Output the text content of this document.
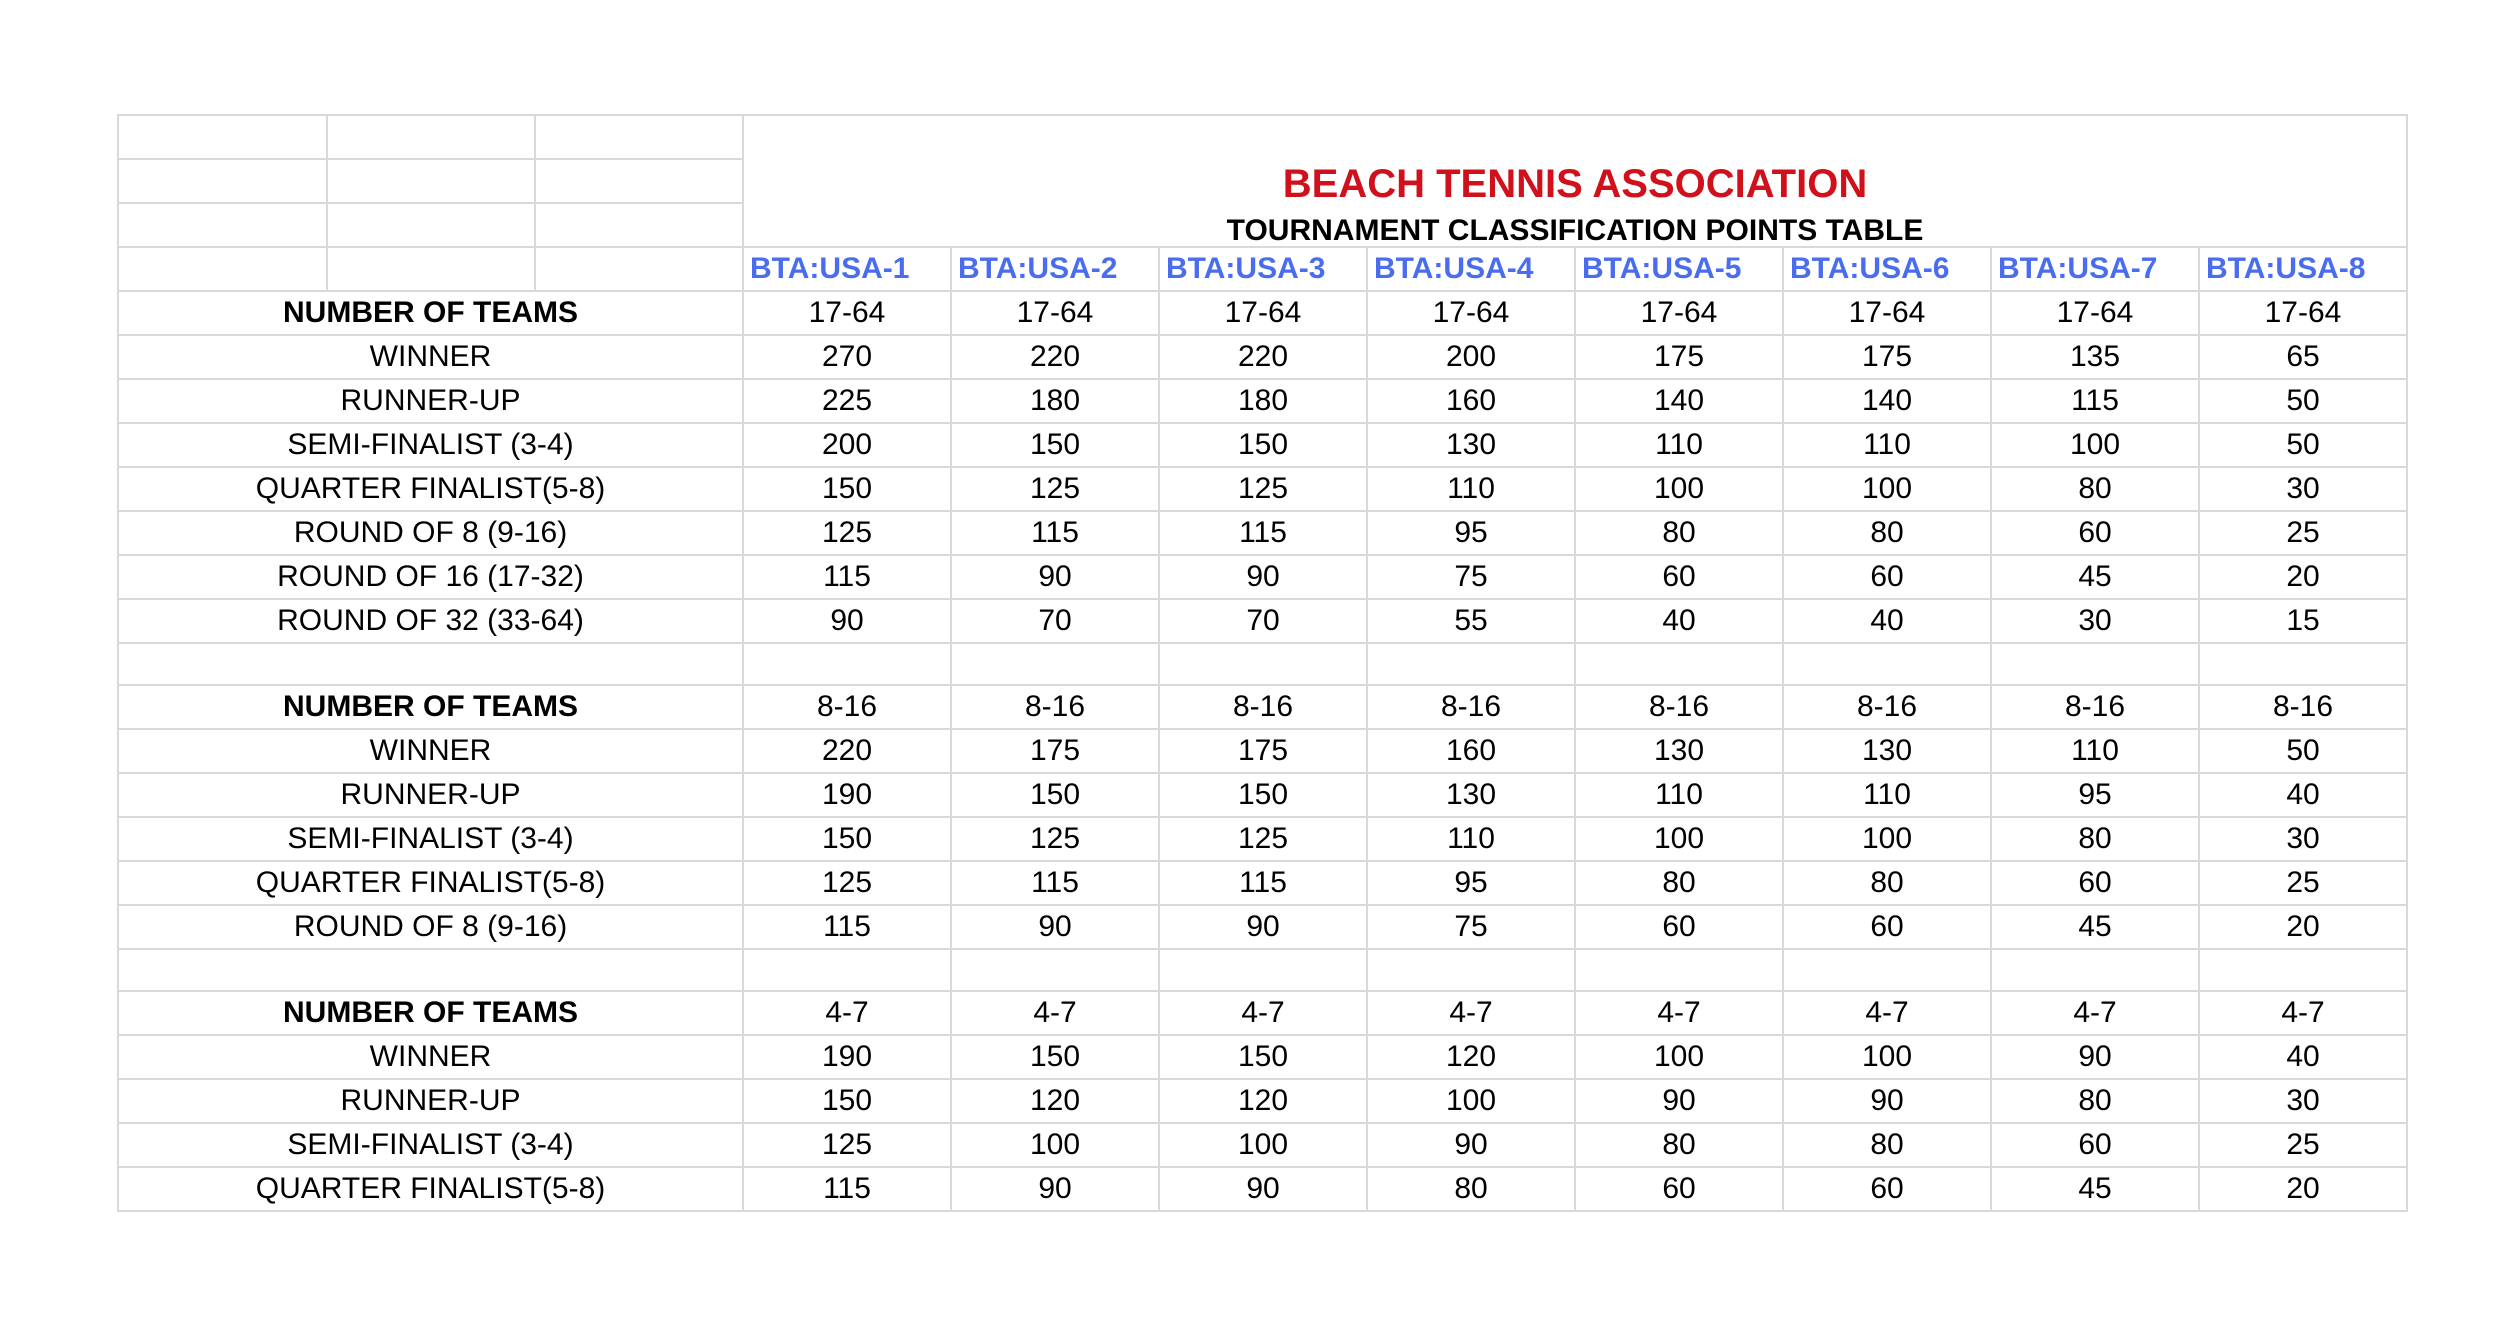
			BEACH TENNIS ASSOCIATION							

			TOURNAMENT CLASSIFICATION POINTS TABLE							
			BTA:USA-1	BTA:USA-2	BTA:USA-3	BTA:USA-4	BTA:USA-5	BTA:USA-6	BTA:USA-7	BTA:USA-8
NUMBER OF TEAMS			17-64	17-64	17-64	17-64	17-64	17-64	17-64	17-64
WINNER			270	220	220	200	175	175	135	65
RUNNER-UP			225	180	180	160	140	140	115	50
SEMI-FINALIST (3-4)			200	150	150	130	110	110	100	50
QUARTER FINALIST(5-8)			150	125	125	110	100	100	80	30
ROUND OF 8 (9-16)			125	115	115	95	80	80	60	25
ROUND OF 16 (17-32)			115	90	90	75	60	60	45	20
ROUND OF 32 (33-64)			90	70	70	55	40	40	30	15

NUMBER OF TEAMS			8-16	8-16	8-16	8-16	8-16	8-16	8-16	8-16
WINNER			220	175	175	160	130	130	110	50
RUNNER-UP			190	150	150	130	110	110	95	40
SEMI-FINALIST (3-4)			150	125	125	110	100	100	80	30
QUARTER FINALIST(5-8)			125	115	115	95	80	80	60	25
ROUND OF 8 (9-16)			115	90	90	75	60	60	45	20

NUMBER OF TEAMS			4-7	4-7	4-7	4-7	4-7	4-7	4-7	4-7
WINNER			190	150	150	120	100	100	90	40
RUNNER-UP			150	120	120	100	90	90	80	30
SEMI-FINALIST (3-4)			125	100	100	90	80	80	60	25
QUARTER FINALIST(5-8)			115	90	90	80	60	60	45	20
